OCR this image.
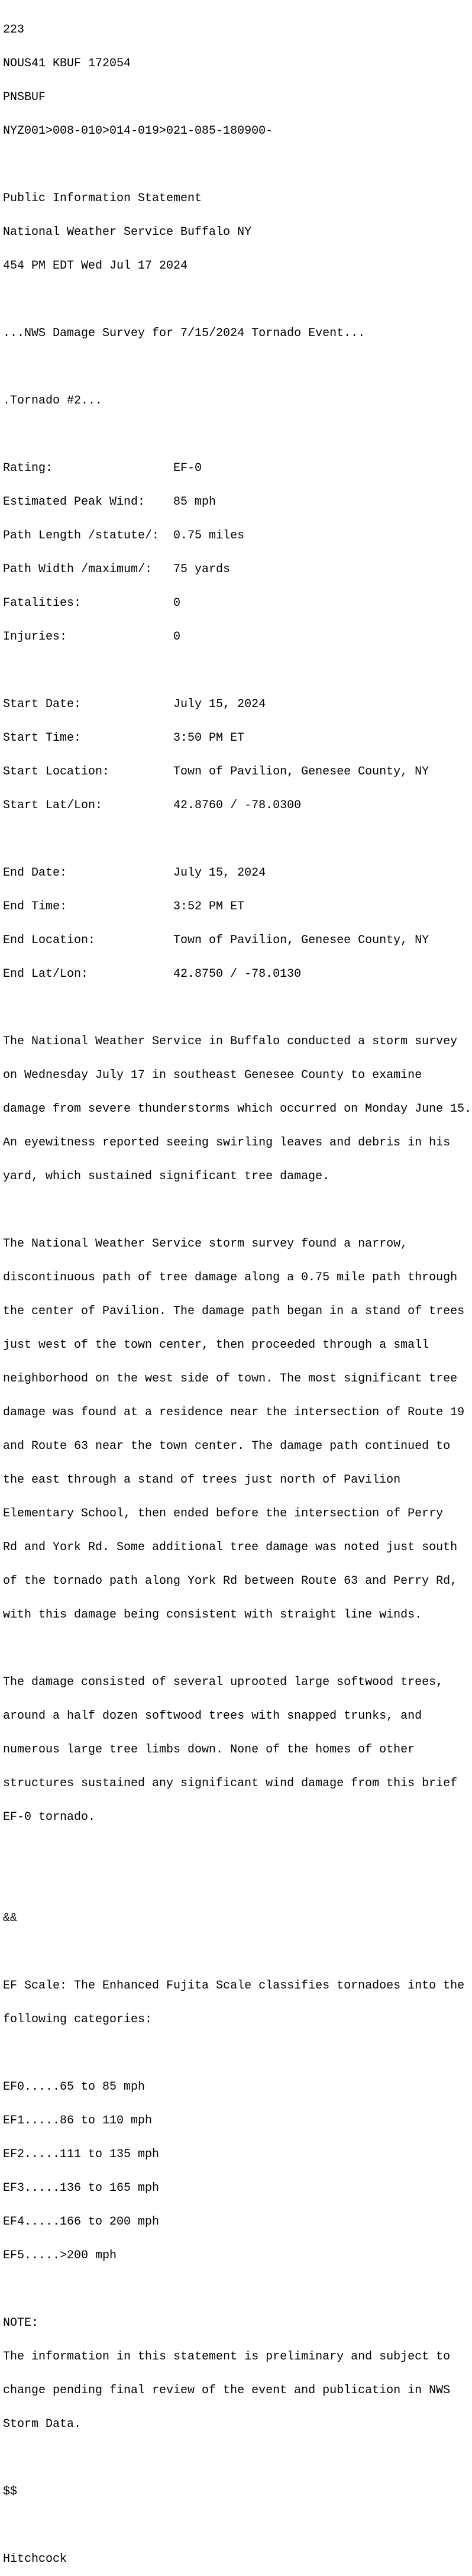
223

NOUS41 KBUF 172054

PNSBUF

NYZ001>008-010>014-019>021-085-180900-

Public Information Statement

National Weather Service Buffalo NY

454 PM EDT Wed Jul 17 2024

...NWS Damage Survey for 7/15/2024 Tornado Event...

.Tornado #2...

Rating:                 EF-0

Estimated Peak Wind:    85 mph

Path Length /statute/:  0.75 miles

Path Width /maximum/:   75 yards

Fatalities:             0

Injuries:               0

Start Date:             July 15, 2024

Start Time:             3:50 PM ET

Start Location:         Town of Pavilion, Genesee County, NY

Start Lat/Lon:          42.8760 / -78.0300

End Date:               July 15, 2024

End Time:               3:52 PM ET

End Location:           Town of Pavilion, Genesee County, NY

End Lat/Lon:            42.8750 / -78.0130

The National Weather Service in Buffalo conducted a storm survey

on Wednesday July 17 in southeast Genesee County to examine

damage from severe thunderstorms which occurred on Monday June 15.

An eyewitness reported seeing swirling leaves and debris in his

yard, which sustained significant tree damage.

The National Weather Service storm survey found a narrow,

discontinuous path of tree damage along a 0.75 mile path through

the center of Pavilion. The damage path began in a stand of trees

just west of the town center, then proceeded through a small

neighborhood on the west side of town. The most significant tree

damage was found at a residence near the intersection of Route 19

and Route 63 near the town center. The damage path continued to

the east through a stand of trees just north of Pavilion

Elementary School, then ended before the intersection of Perry

Rd and York Rd. Some additional tree damage was noted just south

of the tornado path along York Rd between Route 63 and Perry Rd,

with this damage being consistent with straight line winds.

The damage consisted of several uprooted large softwood trees,

around a half dozen softwood trees with snapped trunks, and

numerous large tree limbs down. None of the homes of other

structures sustained any significant wind damage from this brief

EF-0 tornado.

&&

EF Scale: The Enhanced Fujita Scale classifies tornadoes into the

following categories:

EF0.....65 to 85 mph

EF1.....86 to 110 mph

EF2.....111 to 135 mph

EF3.....136 to 165 mph

EF4.....166 to 200 mph

EF5.....>200 mph

NOTE:

The information in this statement is preliminary and subject to

change pending final review of the event and publication in NWS

Storm Data.

$$

Hitchcock
